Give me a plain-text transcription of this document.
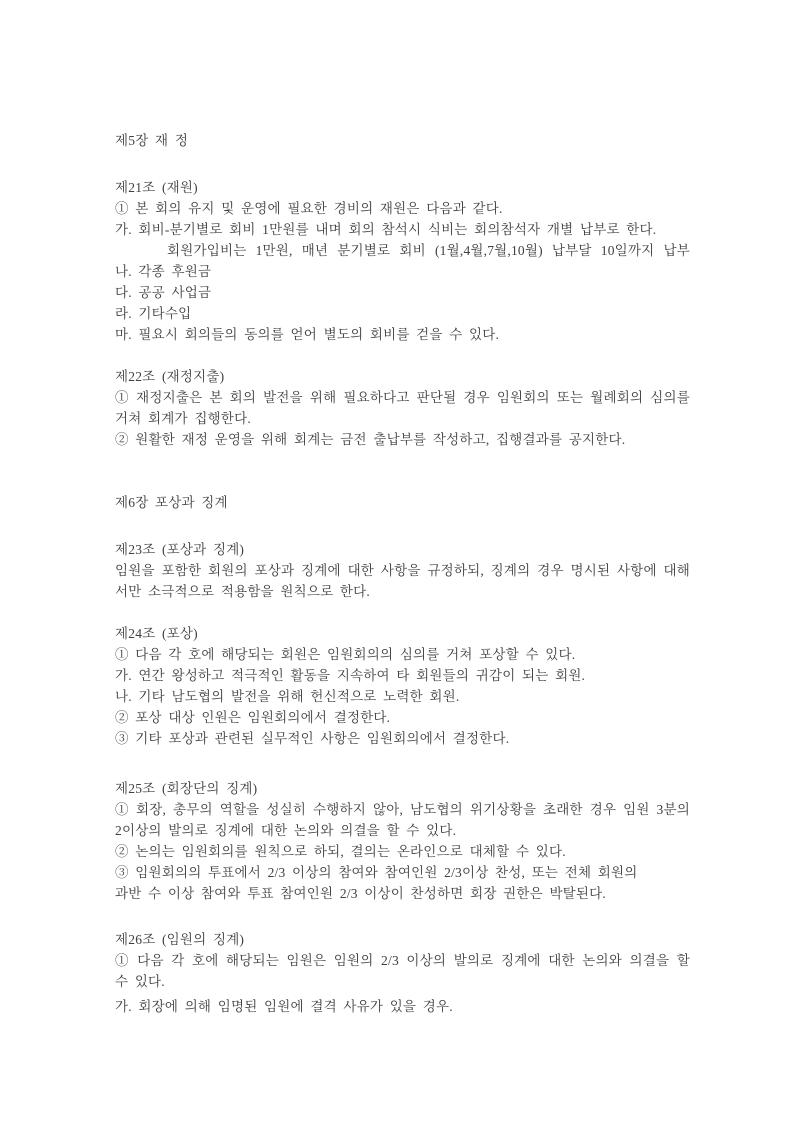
제5장 재 정
제21조 (재원)
① 본 회의 유지 및 운영에 필요한 경비의 재원은 다음과 같다.
가. 회비-분기별로 회비 1만원를 내며 회의 참석시 식비는 회의참석자 개별 납부로 한다.
회원가입비는 1만원, 매년 분기별로 회비 (1월,4월,7월,10월) 납부달 10일까지 납부
나. 각종 후원금
다. 공공 사업금
라. 기타수입
마. 필요시 회의들의 동의를 얻어 별도의 회비를 걷을 수 있다.
제22조 (재정지출)
① 재정지출은 본 회의 발전을 위해 필요하다고 판단될 경우 임원회의 또는 월례회의 심의를
거쳐 회계가 집행한다.
② 원활한 재정 운영을 위해 회계는 금전 출납부를 작성하고, 집행결과를 공지한다.
제6장 포상과 징계
제23조 (포상과 징계)
임원을 포함한 회원의 포상과 징계에 대한 사항을 규정하되, 징계의 경우 명시된 사항에 대해
서만 소극적으로 적용함을 원칙으로 한다.
제24조 (포상)
① 다음 각 호에 해당되는 회원은 임원회의의 심의를 거쳐 포상할 수 있다.
가. 연간 왕성하고 적극적인 활동을 지속하여 타 회원들의 귀감이 되는 회원.
나. 기타 남도협의 발전을 위해 헌신적으로 노력한 회원.
② 포상 대상 인원은 임원회의에서 결정한다.
③ 기타 포상과 관련된 실무적인 사항은 임원회의에서 결정한다.
제25조 (회장단의 징계)
① 회장, 총무의 역할을 성실히 수행하지 않아, 남도협의 위기상황을 초래한 경우 임원 3분의
2이상의 발의로 징계에 대한 논의와 의결을 할 수 있다.
② 논의는 임원회의를 원칙으로 하되, 결의는 온라인으로 대체할 수 있다.
③ 임원회의의 투표에서 2/3 이상의 참여와 참여인원 2/3이상 찬성, 또는 전체 회원의
과반 수 이상 참여와 투표 참여인원 2/3 이상이 찬성하면 회장 권한은 박탈된다.
제26조 (임원의 징계)
① 다음 각 호에 해당되는 임원은 임원의 2/3 이상의 발의로 징계에 대한 논의와 의결을 할
수 있다.
가. 회장에 의해 임명된 임원에 결격 사유가 있을 경우.
